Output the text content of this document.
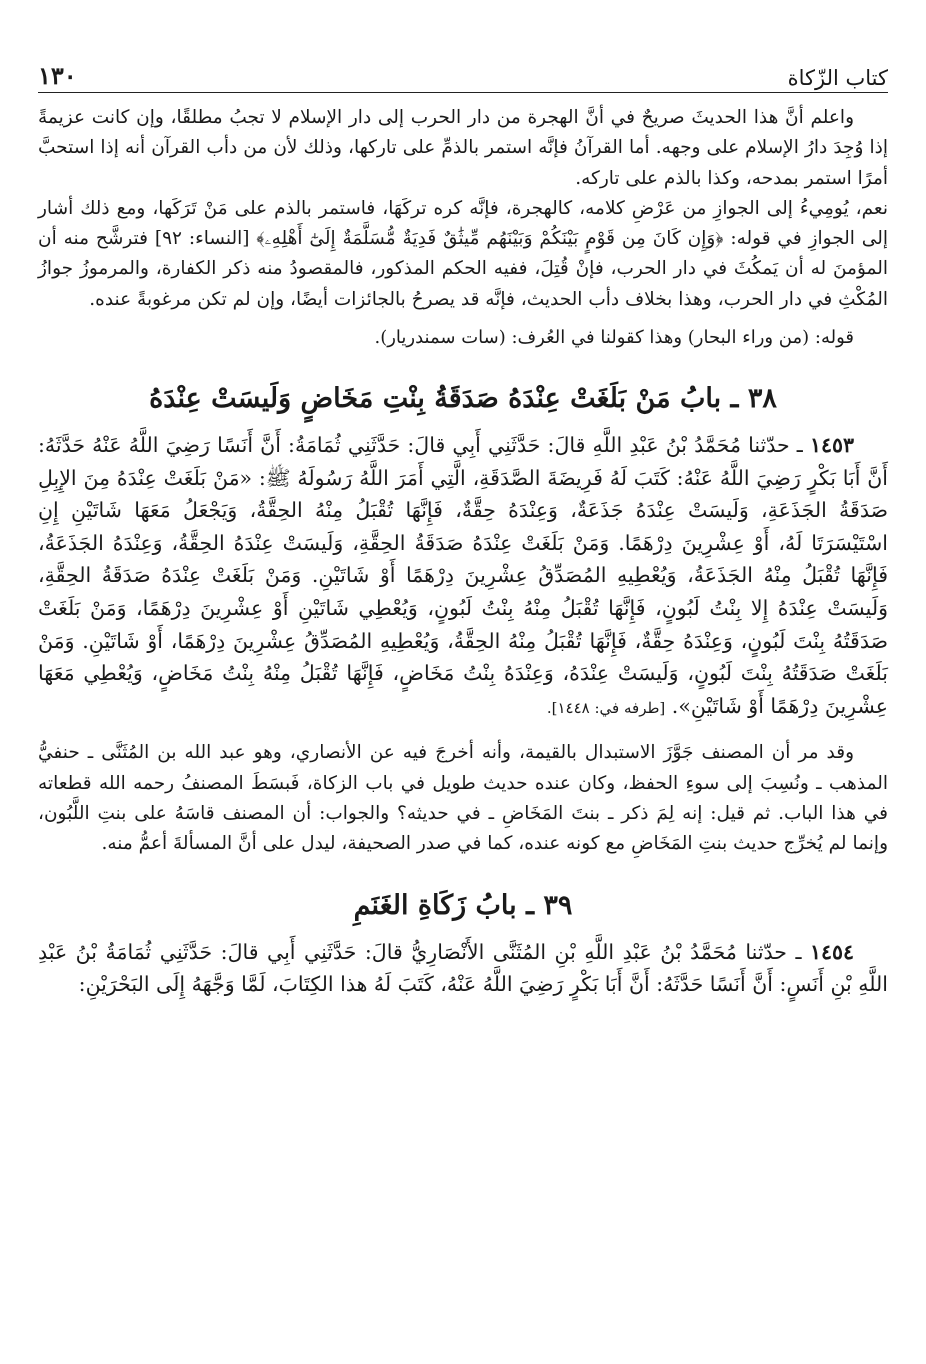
كتاب الزّكاة
١٣٠

واعلم أنَّ هذا الحديثَ صريحٌ في أنَّ الهجرة من دار الحرب إلى دار الإسلام لا تجبُ مطلقًا، وإن كانت عزيمةً إذا وُجِدَ دارُ الإسلام على وجهه. أما القرآنُ فإنَّه استمر بالذمِّ على تاركها، وذلك لأن من دأب القرآن أنه إذا استحبَّ أمرًا استمر بمدحه، وكذا بالذم على تاركه.

نعم، يُومِيءُ إلى الجوازِ من عَرْضِ كلامه، كالهجرة، فإنَّه كره تركَهَا، فاستمر بالذم على مَنْ تَرَكَها، ومع ذلك أشار إلى الجوازِ في قوله: ﴿وَإِن كَانَ مِن قَوْمٍ بَيْنَكُمْ وَبَيْنَهُم مِّيثَٰقٌ فَدِيَةٌ مُّسَلَّمَةٌ إِلَىٰٓ أَهْلِهِۦ﴾ [النساء: ٩٢] فترشَّح منه أن المؤمنَ له أن يَمكُثَ في دار الحرب، فإنْ قُتِلَ، ففيه الحكم المذكور، فالمقصودُ منه ذكر الكفارة، والمرموزُ جوازُ المُكْثِ في دار الحرب، وهذا بخلاف دأب الحديث، فإنَّه قد يصرحُ بالجائزات أيضًا، وإن لم تكن مرغوبةً عنده.

قوله: (من وراء البحار) وهذا كقولنا في العُرف: (سات سمندريار).

٣٨ ـ بابُ مَنْ بَلَغَتْ عِنْدَهُ صَدَقَةُ بِنْتِ مَخَاضٍ وَلَيسَتْ عِنْدَهُ

١٤٥٣ ـ حدّثنا مُحَمَّدُ بْنُ عَبْدِ اللَّهِ قالَ: حَدَّثَنِي أَبِي قالَ: حَدَّثَنِي ثُمَامَةُ: أَنَّ أَنَسًا رَضِيَ اللَّهُ عَنْهُ حَدَّثَهُ: أَنَّ أَبَا بَكْرٍ رَضِيَ اللَّهُ عَنْهُ: كَتَبَ لَهُ فَرِيضَةَ الصَّدَقَةِ، الَّتِي أَمَرَ اللَّهُ رَسُولَهُ ﷺ: «مَنْ بَلَغَتْ عِنْدَهُ مِنَ الإِبِلِ صَدَقَةُ الجَذَعَةِ، وَلَيسَتْ عِنْدَهُ جَذَعَةٌ، وَعِنْدَهُ حِقَّةٌ، فَإِنَّهَا تُقْبَلُ مِنْهُ الحِقَّةُ، وَيَجْعَلُ مَعَهَا شَاتَيْنِ إِنِ اسْتَيْسَرَتَا لَهُ، أَوْ عِشْرِينَ دِرْهَمًا. وَمَنْ بَلَغَتْ عِنْدَهُ صَدَقَةُ الحِقَّةِ، وَلَيسَتْ عِنْدَهُ الحِقَّةُ، وَعِنْدَهُ الجَذَعَةُ، فَإِنَّهَا تُقْبَلُ مِنْهُ الجَذَعَةُ، وَيُعْطِيهِ المُصَدِّقُ عِشْرِينَ دِرْهَمًا أَوْ شَاتَيْنِ. وَمَنْ بَلَغَتْ عِنْدَهُ صَدَقَةُ الحِقَّةِ، وَلَيسَتْ عِنْدَهُ إِلا بِنْتُ لَبُونٍ، فَإِنَّهَا تُقْبَلُ مِنْهُ بِنْتُ لَبُونٍ، وَيُعْطِي شَاتَيْنِ أَوْ عِشْرِينَ دِرْهَمًا، وَمَنْ بَلَغَتْ صَدَقَتُهُ بِنْتَ لَبُونٍ، وَعِنْدَهُ حِقَّةٌ، فَإِنَّهَا تُقْبَلُ مِنْهُ الحِقَّةُ، وَيُعْطِيهِ المُصَدِّقُ عِشْرِينَ دِرْهَمًا، أَوْ شَاتَيْنِ. وَمَنْ بَلَغَتْ صَدَقَتُهُ بِنْتَ لَبُونٍ، وَلَيسَتْ عِنْدَهُ، وَعِنْدَهُ بِنْتُ مَخَاضٍ، فَإِنَّهَا تُقْبَلُ مِنْهُ بِنْتُ مَخَاضٍ، وَيُعْطِي مَعَهَا عِشْرِينَ دِرْهَمًا أَوْ شَاتَيْنِ». [طرفه في: ١٤٤٨].

وقد مر أن المصنف جَوَّزَ الاستبدال بالقيمة، وأنه أخرجَ فيه عن الأنصاري، وهو عبد الله بن المُثَنَّى ـ حنفيُّ المذهب ـ ونُسِبَ إلى سوءِ الحفظ، وكان عنده حديث طويل في باب الزكاة، فَبسَطَ المصنفُ رحمه الله قطعاته في هذا الباب. ثم قيل: إنه لِمَ ذكر ـ بنتَ المَخَاضِ ـ في حديثه؟ والجواب: أن المصنف قاسَهُ على بنتِ اللَّبُون، وإنما لم يُخرِّج حديث بنتِ المَخَاضِ مع كونه عنده، كما في صدر الصحيفة، ليدل على أنَّ المسألةَ أعمُّ منه.

٣٩ ـ بابُ زَكَاةِ الغَنَمِ

١٤٥٤ ـ حدّثنا مُحَمَّدُ بْنُ عَبْدِ اللَّهِ بْنِ المُثَنَّى الأَنْصَارِيُّ قالَ: حَدَّثَنِي أَبِي قالَ: حَدَّثَنِي ثُمَامَةُ بْنُ عَبْدِ اللَّهِ بْنِ أَنَسٍ: أَنَّ أَنَسًا حَدَّثَهُ: أَنَّ أَبَا بَكْرٍ رَضِيَ اللَّهُ عَنْهُ، كَتَبَ لَهُ هذا الكِتَابَ، لَمَّا وَجَّهَهُ إِلَى البَحْرَيْنِ:
